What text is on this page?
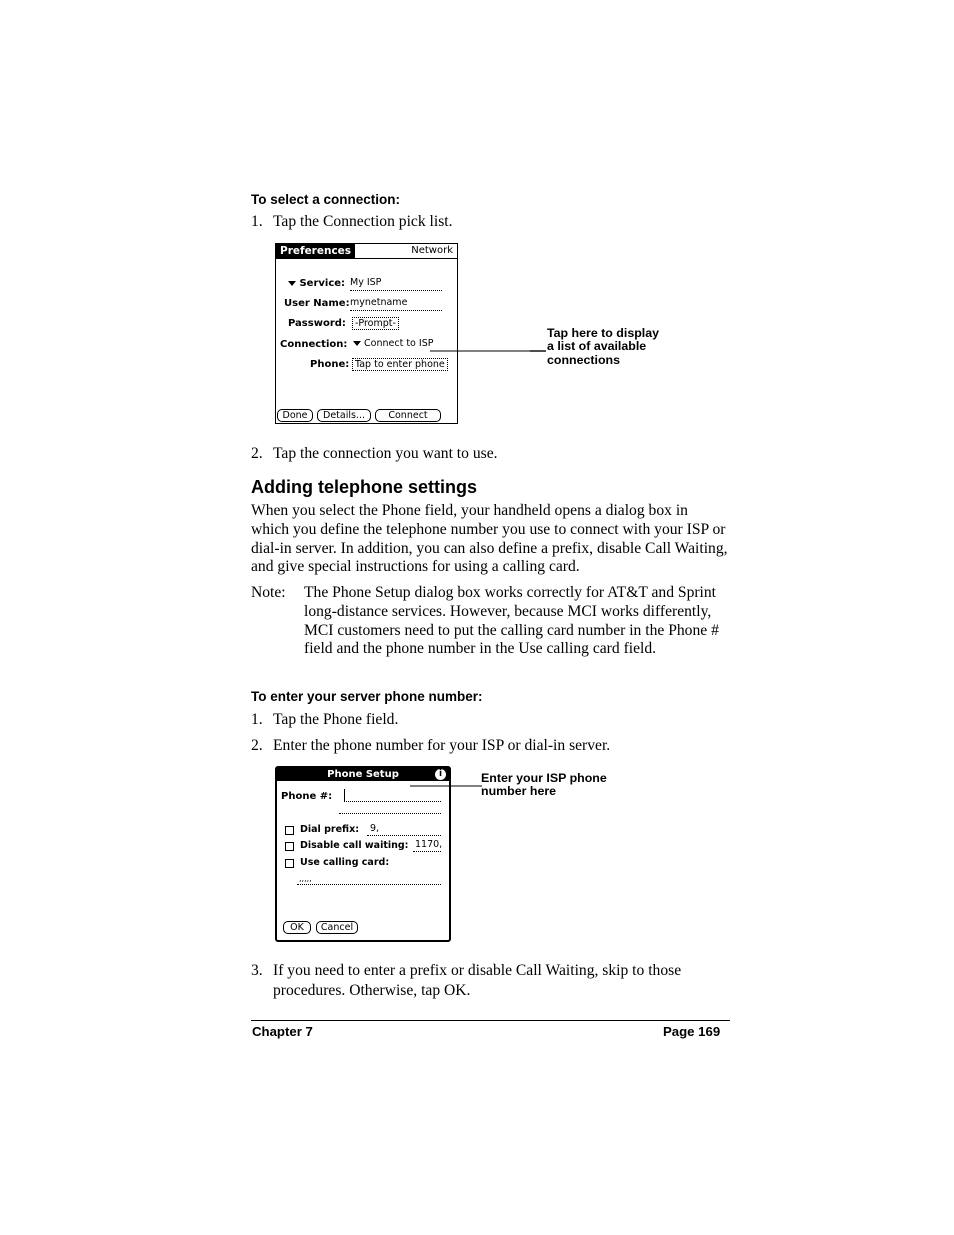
To select a connection:
1. Tap the Connection pick list.
Preferences	Network
Service: My ISP
User Name: mynetname
Password: -Prompt-
Connection:	Connect to ISP
Phone: Tap to enter phone
Done	Details...	Connect
Tap here to display
a list of available
connections
2. Tap the connection you want to use.
Adding telephone settings
When you select the Phone field, your handheld opens a dialog box in which you define the telephone number you use to connect with your ISP or dial-in server. In addition, you can also define a prefix, disable Call Waiting, and give special instructions for using a calling card.
Note: The Phone Setup dialog box works correctly for AT&T and Sprint long-distance services. However, because MCI works differently, MCI customers need to put the calling card number in the Phone # field and the phone number in the Use calling card field.
To enter your server phone number:
1. Tap the Phone field.
2. Enter the phone number for your ISP or dial-in server.
Phone Setup	i
Phone #:
Dial prefix: 9,
Disable call waiting: 1170,
Use calling card:
,,,,,
OK	Cancel
Enter your ISP phone
number here
3. If you need to enter a prefix or disable Call Waiting, skip to those
procedures. Otherwise, tap OK.
Chapter 7	Page 169
